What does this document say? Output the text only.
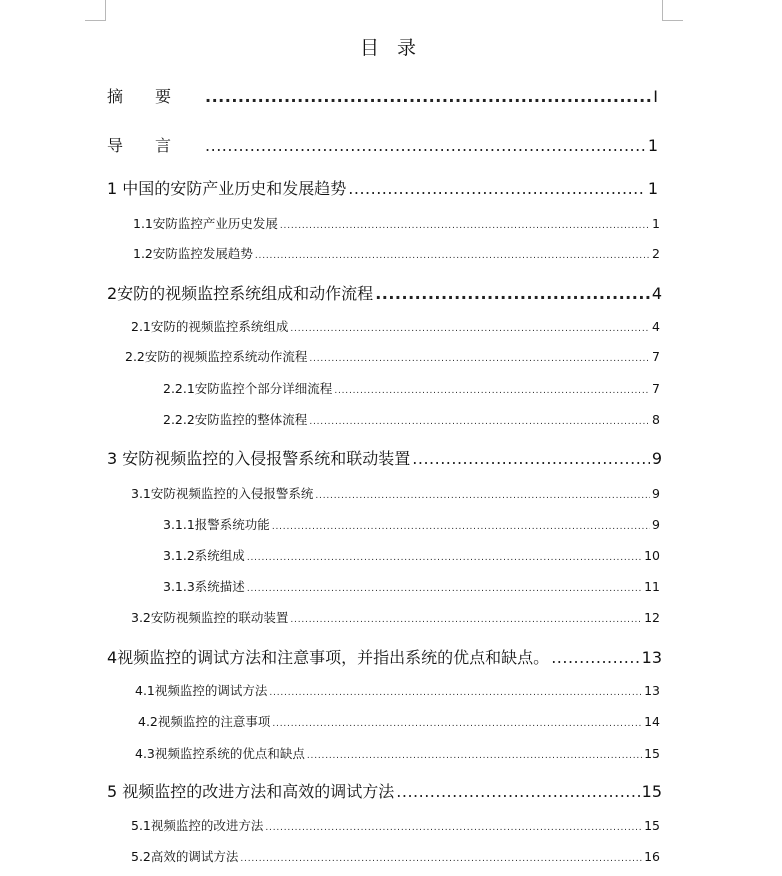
目 录
摘要 .....	I
导言 .....	1
1 中国的安防产业历史和发展趋势 .....	1
1.1安防监控产业历史发展 .....	1
1.2安防监控发展趋势 .....	2
2安防的视频监控系统组成和动作流程 .....	4
2.1安防的视频监控系统组成 .....	4
2.2安防的视频监控系统动作流程 .....	7
2.2.1安防监控个部分详细流程 .....	7
2.2.2安防监控的整体流程 .....	8
3 安防视频监控的入侵报警系统和联动装置 .....	9
3.1安防视频监控的入侵报警系统 .....	9
3.1.1报警系统功能 .....	9
3.1.2系统组成 .....	10
3.1.3系统描述 .....	11
3.2安防视频监控的联动装置 .....	12
4视频监控的调试方法和注意事项，并指出系统的优点和缺点。 .....	13
4.1视频监控的调试方法 .....	13
4.2视频监控的注意事项 .....	14
4.3视频监控系统的优点和缺点 .....	15
5 视频监控的改进方法和高效的调试方法 .....	15
5.1视频监控的改进方法 .....	15
5.2高效的调试方法 .....	16
